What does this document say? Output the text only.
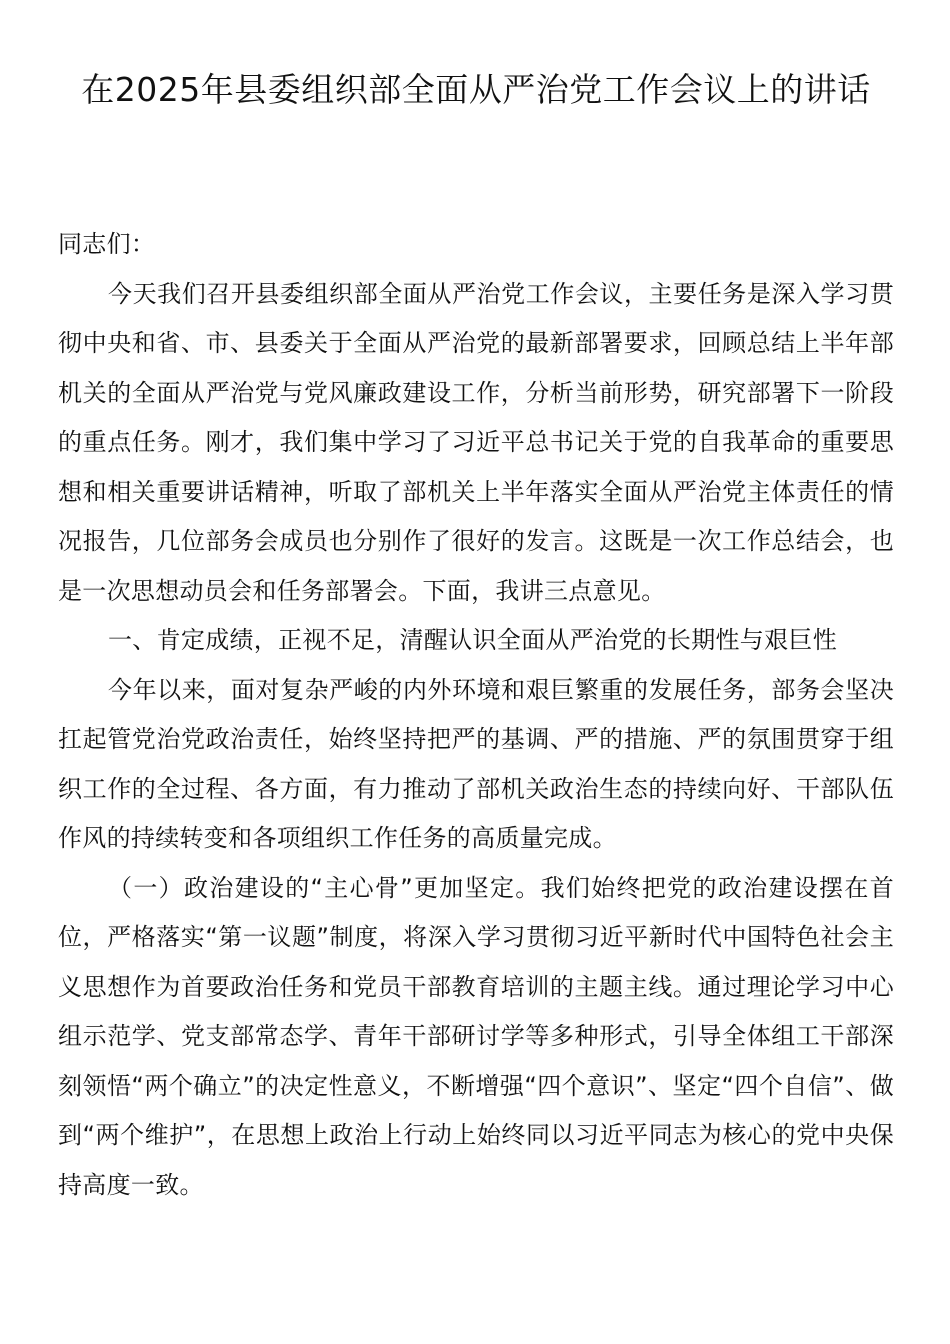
在2025年县委组织部全面从严治党工作会议上的讲话

同志们：

今天我们召开县委组织部全面从严治党工作会议，主要任务是深入学习贯彻中央和省、市、县委关于全面从严治党的最新部署要求，回顾总结上半年部机关的全面从严治党与党风廉政建设工作，分析当前形势，研究部署下一阶段的重点任务。刚才，我们集中学习了习近平总书记关于党的自我革命的重要思想和相关重要讲话精神，听取了部机关上半年落实全面从严治党主体责任的情况报告，几位部务会成员也分别作了很好的发言。这既是一次工作总结会，也是一次思想动员会和任务部署会。下面，我讲三点意见。

一、肯定成绩，正视不足，清醒认识全面从严治党的长期性与艰巨性

今年以来，面对复杂严峻的内外环境和艰巨繁重的发展任务，部务会坚决扛起管党治党政治责任，始终坚持把严的基调、严的措施、严的氛围贯穿于组织工作的全过程、各方面，有力推动了部机关政治生态的持续向好、干部队伍作风的持续转变和各项组织工作任务的高质量完成。

（一）政治建设的“主心骨”更加坚定。我们始终把党的政治建设摆在首位，严格落实“第一议题”制度，将深入学习贯彻习近平新时代中国特色社会主义思想作为首要政治任务和党员干部教育培训的主题主线。通过理论学习中心组示范学、党支部常态学、青年干部研讨学等多种形式，引导全体组工干部深刻领悟“两个确立”的决定性意义，不断增强“四个意识”、坚定“四个自信”、做到“两个维护”，在思想上政治上行动上始终同以习近平同志为核心的党中央保持高度一致。
